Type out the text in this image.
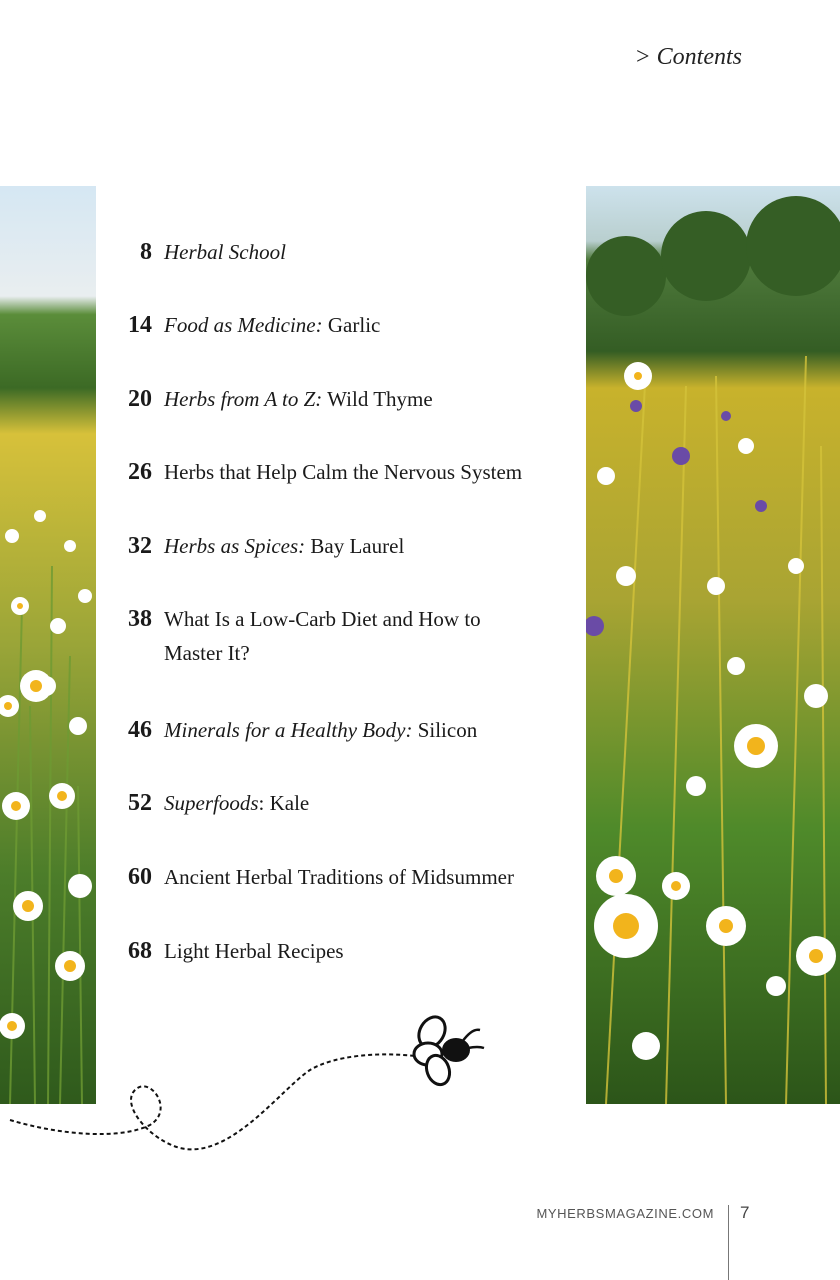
> Contents
8 Herbal School
14 Food as Medicine: Garlic
20 Herbs from A to Z: Wild Thyme
26 Herbs that Help Calm the Nervous System
32 Herbs as Spices: Bay Laurel
38 What Is a Low-Carb Diet and How to Master It?
46 Minerals for a Healthy Body: Silicon
52 Superfoods: Kale
60 Ancient Herbal Traditions of Midsummer
68 Light Herbal Recipes
MYHERBSMAGAZINE.COM 7
